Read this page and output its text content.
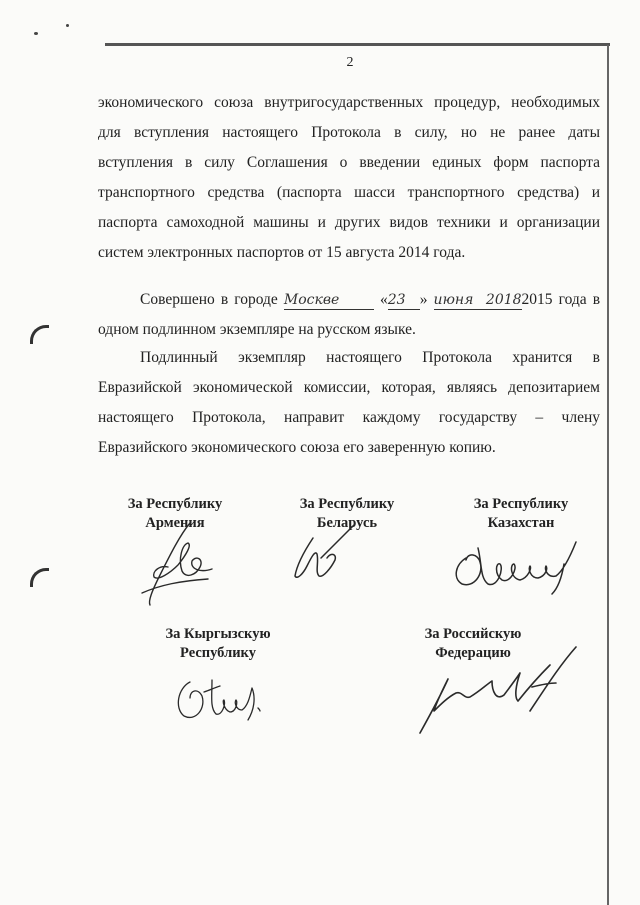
2
экономического союза внутригосударственных процедур, необходимых
для вступления настоящего Протокола в силу, но не ранее даты
вступления в силу Соглашения о введении единых форм паспорта
транспортного средства (паспорта шасси транспортного средства) и
паспорта самоходной машины и других видов техники и организации
систем электронных паспортов от 15 августа 2014 года.
Совершено в городе Москве	«23 » июня 20182015 года в
одном подлинном экземпляре на русском языке.
Подлинный экземпляр настоящего Протокола хранится в
Евразийской экономической комиссии, которая, являясь депозитарием
настоящего Протокола, направит каждому государству – члену
Евразийского экономического союза его заверенную копию.
За Республику
Армения
За Республику
Беларусь
За Республику
Казахстан
За Кыргызскую
Республику
За Российскую
Федерацию
